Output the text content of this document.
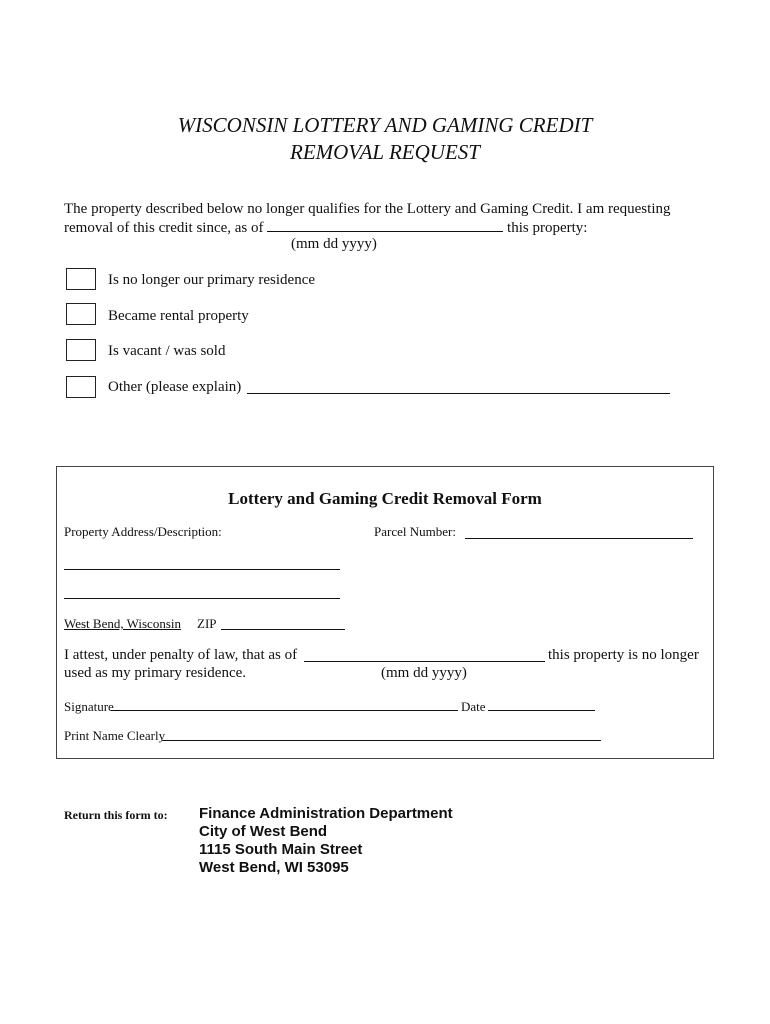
WISCONSIN LOTTERY AND GAMING CREDIT
REMOVAL REQUEST
The property described below no longer qualifies for the Lottery and Gaming Credit. I am requesting
removal of this credit since, as of	this property:
(mm dd yyyy)
Is no longer our primary residence
Became rental property
Is vacant / was sold
Other (please explain)
Lottery and Gaming Credit Removal Form
Property Address/Description:	Parcel Number:
West Bend, Wisconsin ZIP
I attest, under penalty of law, that as of	this property is no longer
used as my primary residence.	(mm dd yyyy)
Signature	Date
Print Name Clearly
Return this form to: Finance Administration Department
City of West Bend
1115 South Main Street
West Bend, WI 53095
